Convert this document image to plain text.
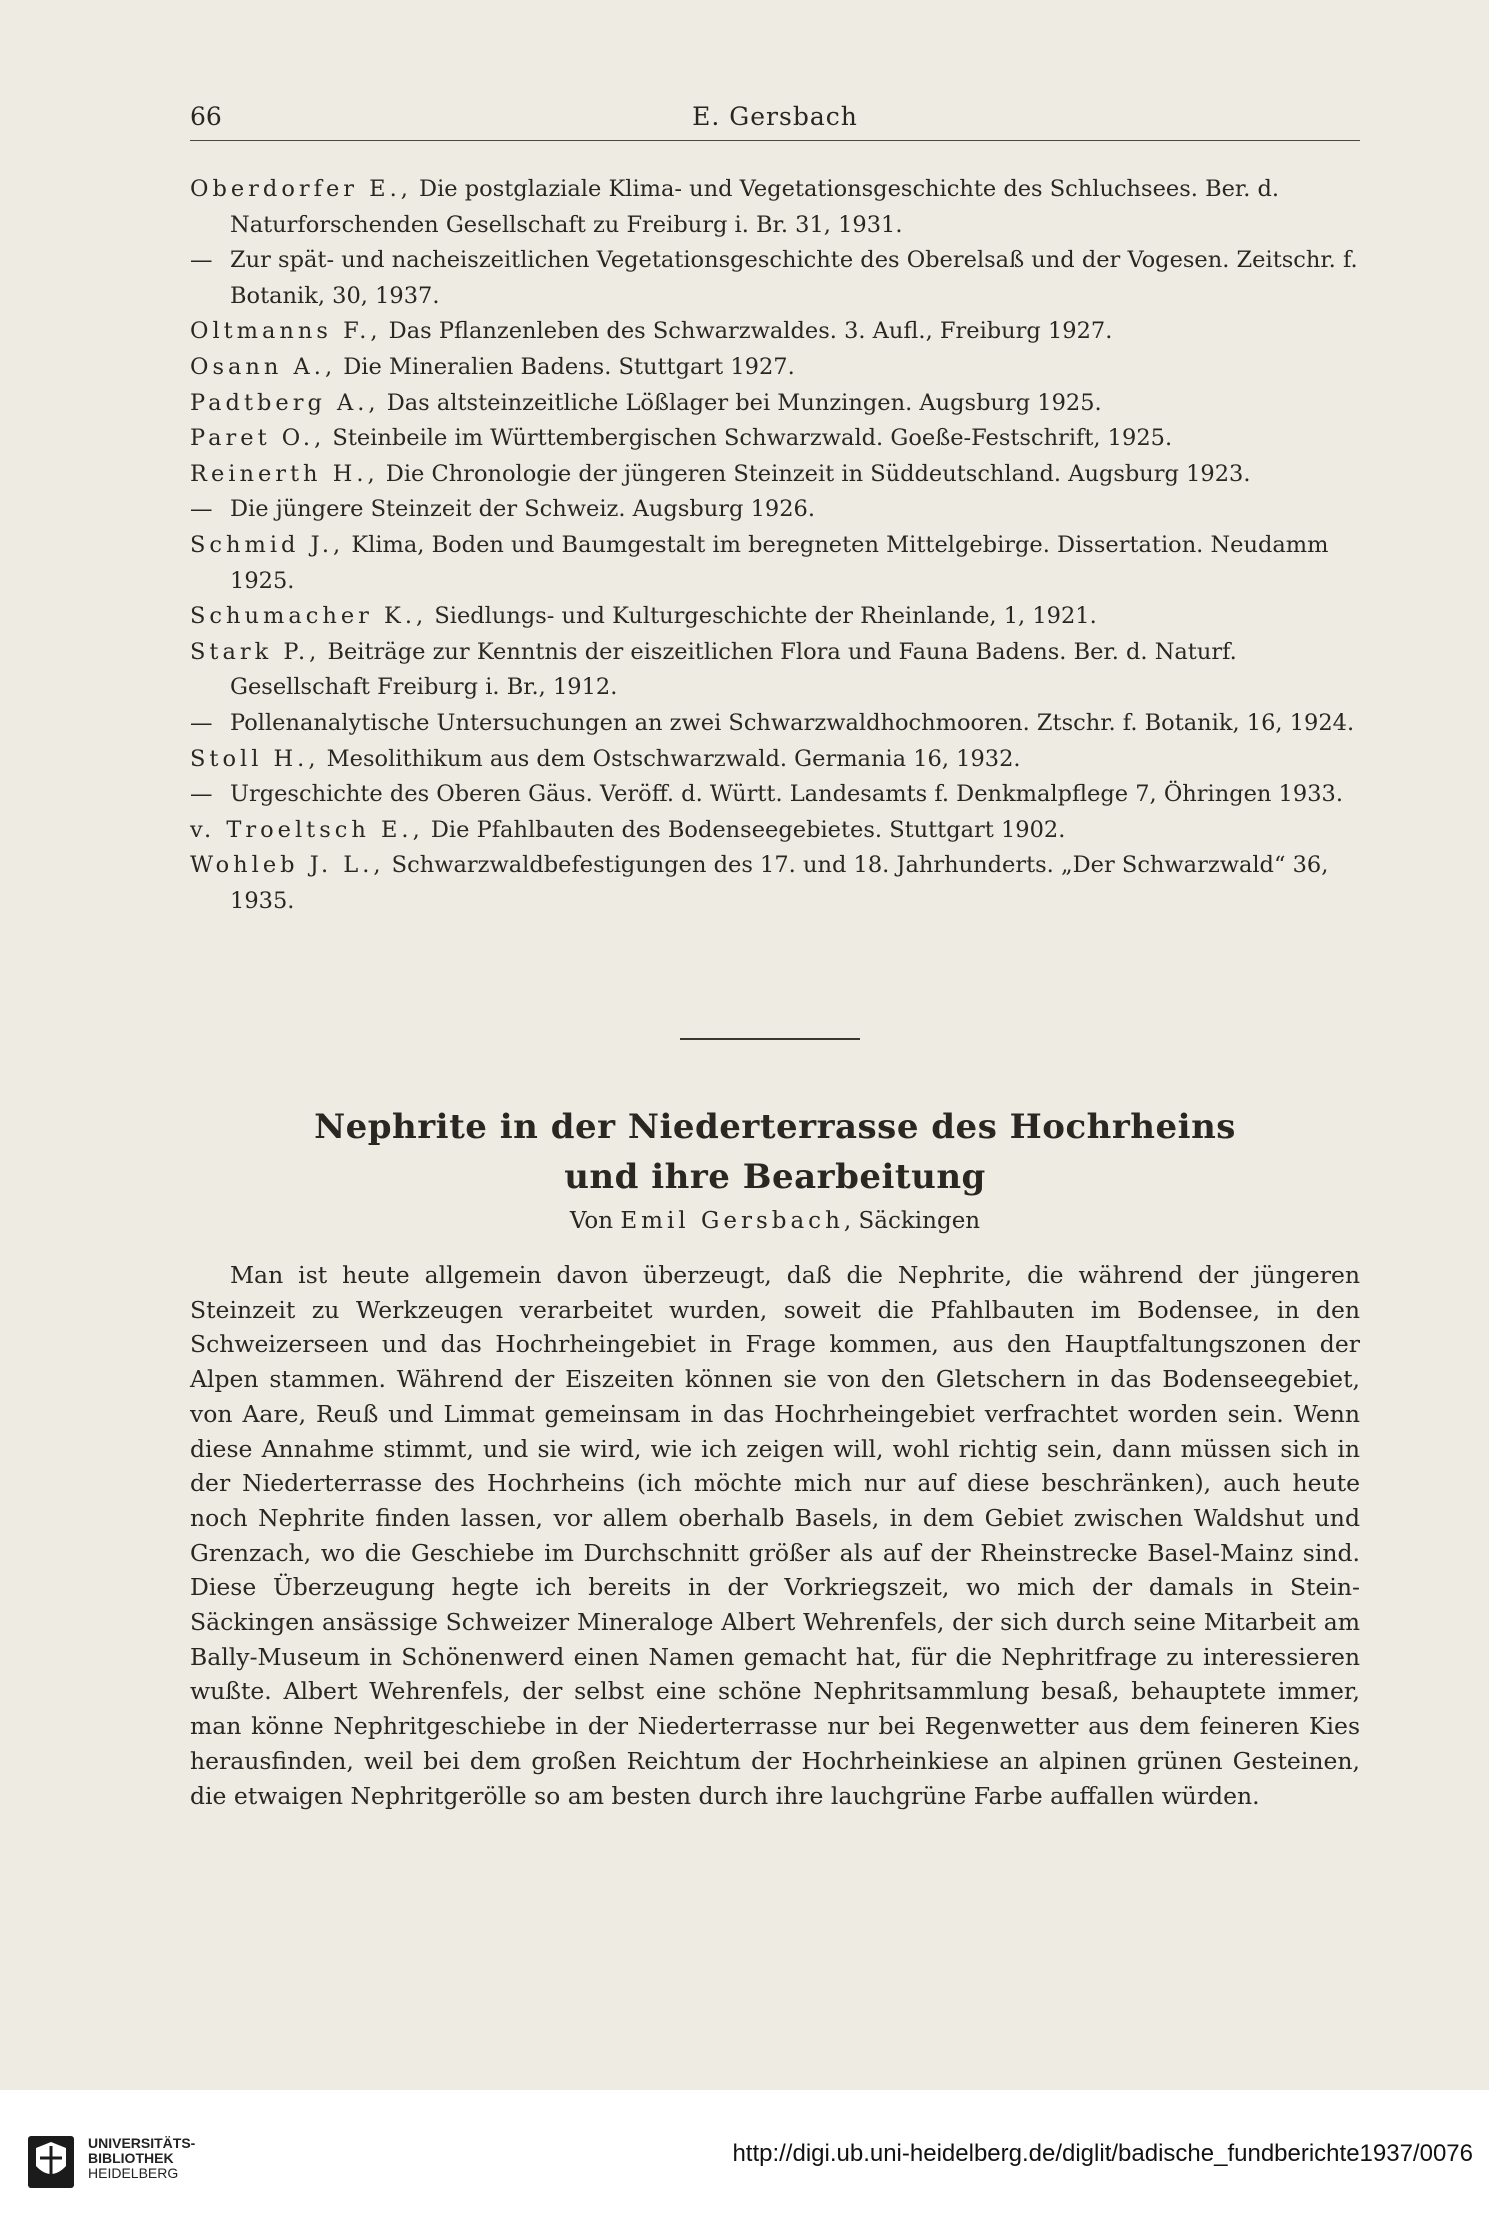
66	E. Gersbach

Oberdorfer E., Die postglaziale Klima- und Vegetationsgeschichte des Schluchsees. Ber. d. Naturforschenden Gesellschaft zu Freiburg i. Br. 31, 1931.

— Zur spät- und nacheiszeitlichen Vegetationsgeschichte des Oberelsaß und der Vogesen. Zeitschr. f. Botanik, 30, 1937.

Oltmanns F., Das Pflanzenleben des Schwarzwaldes. 3. Aufl., Freiburg 1927.

Osann A., Die Mineralien Badens. Stuttgart 1927.

Padtberg A., Das altsteinzeitliche Lößlager bei Munzingen. Augsburg 1925.

Paret O., Steinbeile im Württembergischen Schwarzwald. Goeße-Festschrift, 1925.

Reinerth H., Die Chronologie der jüngeren Steinzeit in Süddeutschland. Augsburg 1923.

— Die jüngere Steinzeit der Schweiz. Augsburg 1926.

Schmid J., Klima, Boden und Baumgestalt im beregneten Mittelgebirge. Dissertation. Neudamm 1925.

Schumacher K., Siedlungs- und Kulturgeschichte der Rheinlande, 1, 1921.

Stark P., Beiträge zur Kenntnis der eiszeitlichen Flora und Fauna Badens. Ber. d. Naturf. Gesellschaft Freiburg i. Br., 1912.

— Pollenanalytische Untersuchungen an zwei Schwarzwaldhochmooren. Ztschr. f. Botanik, 16, 1924.

Stoll H., Mesolithikum aus dem Ostschwarzwald. Germania 16, 1932.

— Urgeschichte des Oberen Gäus. Veröff. d. Württ. Landesamts f. Denkmalpflege 7, Öhringen 1933.

v. Troeltsch E., Die Pfahlbauten des Bodenseegebietes. Stuttgart 1902.

Wohleb J. L., Schwarzwaldbefestigungen des 17. und 18. Jahrhunderts. „Der Schwarzwald“ 36, 1935.

Nephrite in der Niederterrasse des Hochrheins
und ihre Bearbeitung
Von Emil Gersbach, Säckingen

Man ist heute allgemein davon überzeugt, daß die Nephrite, die während der jüngeren Steinzeit zu Werkzeugen verarbeitet wurden, soweit die Pfahlbauten im Bodensee, in den Schweizerseen und das Hochrheingebiet in Frage kommen, aus den Hauptfaltungszonen der Alpen stammen. Während der Eiszeiten können sie von den Gletschern in das Bodenseegebiet, von Aare, Reuß und Limmat gemeinsam in das Hochrheingebiet verfrachtet worden sein. Wenn diese Annahme stimmt, und sie wird, wie ich zeigen will, wohl richtig sein, dann müssen sich in der Niederterrasse des Hochrheins (ich möchte mich nur auf diese beschränken), auch heute noch Nephrite finden lassen, vor allem oberhalb Basels, in dem Gebiet zwischen Waldshut und Grenzach, wo die Geschiebe im Durchschnitt größer als auf der Rheinstrecke Basel-Mainz sind. Diese Überzeugung hegte ich bereits in der Vorkriegszeit, wo mich der damals in Stein-Säckingen ansässige Schweizer Mineraloge Albert Wehrenfels, der sich durch seine Mitarbeit am Bally-Museum in Schönenwerd einen Namen gemacht hat, für die Nephritfrage zu interessieren wußte. Albert Wehrenfels, der selbst eine schöne Nephritsammlung besaß, behauptete immer, man könne Nephritgeschiebe in der Niederterrasse nur bei Regenwetter aus dem feineren Kies herausfinden, weil bei dem großen Reichtum der Hochrheinkiese an alpinen grünen Gesteinen, die etwaigen Nephritgerölle so am besten durch ihre lauchgrüne Farbe auffallen würden.

UNIVERSITÄTS-
BIBLIOTHEK
HEIDELBERG
http://digi.ub.uni-heidelberg.de/diglit/badische_fundberichte1937/0076
